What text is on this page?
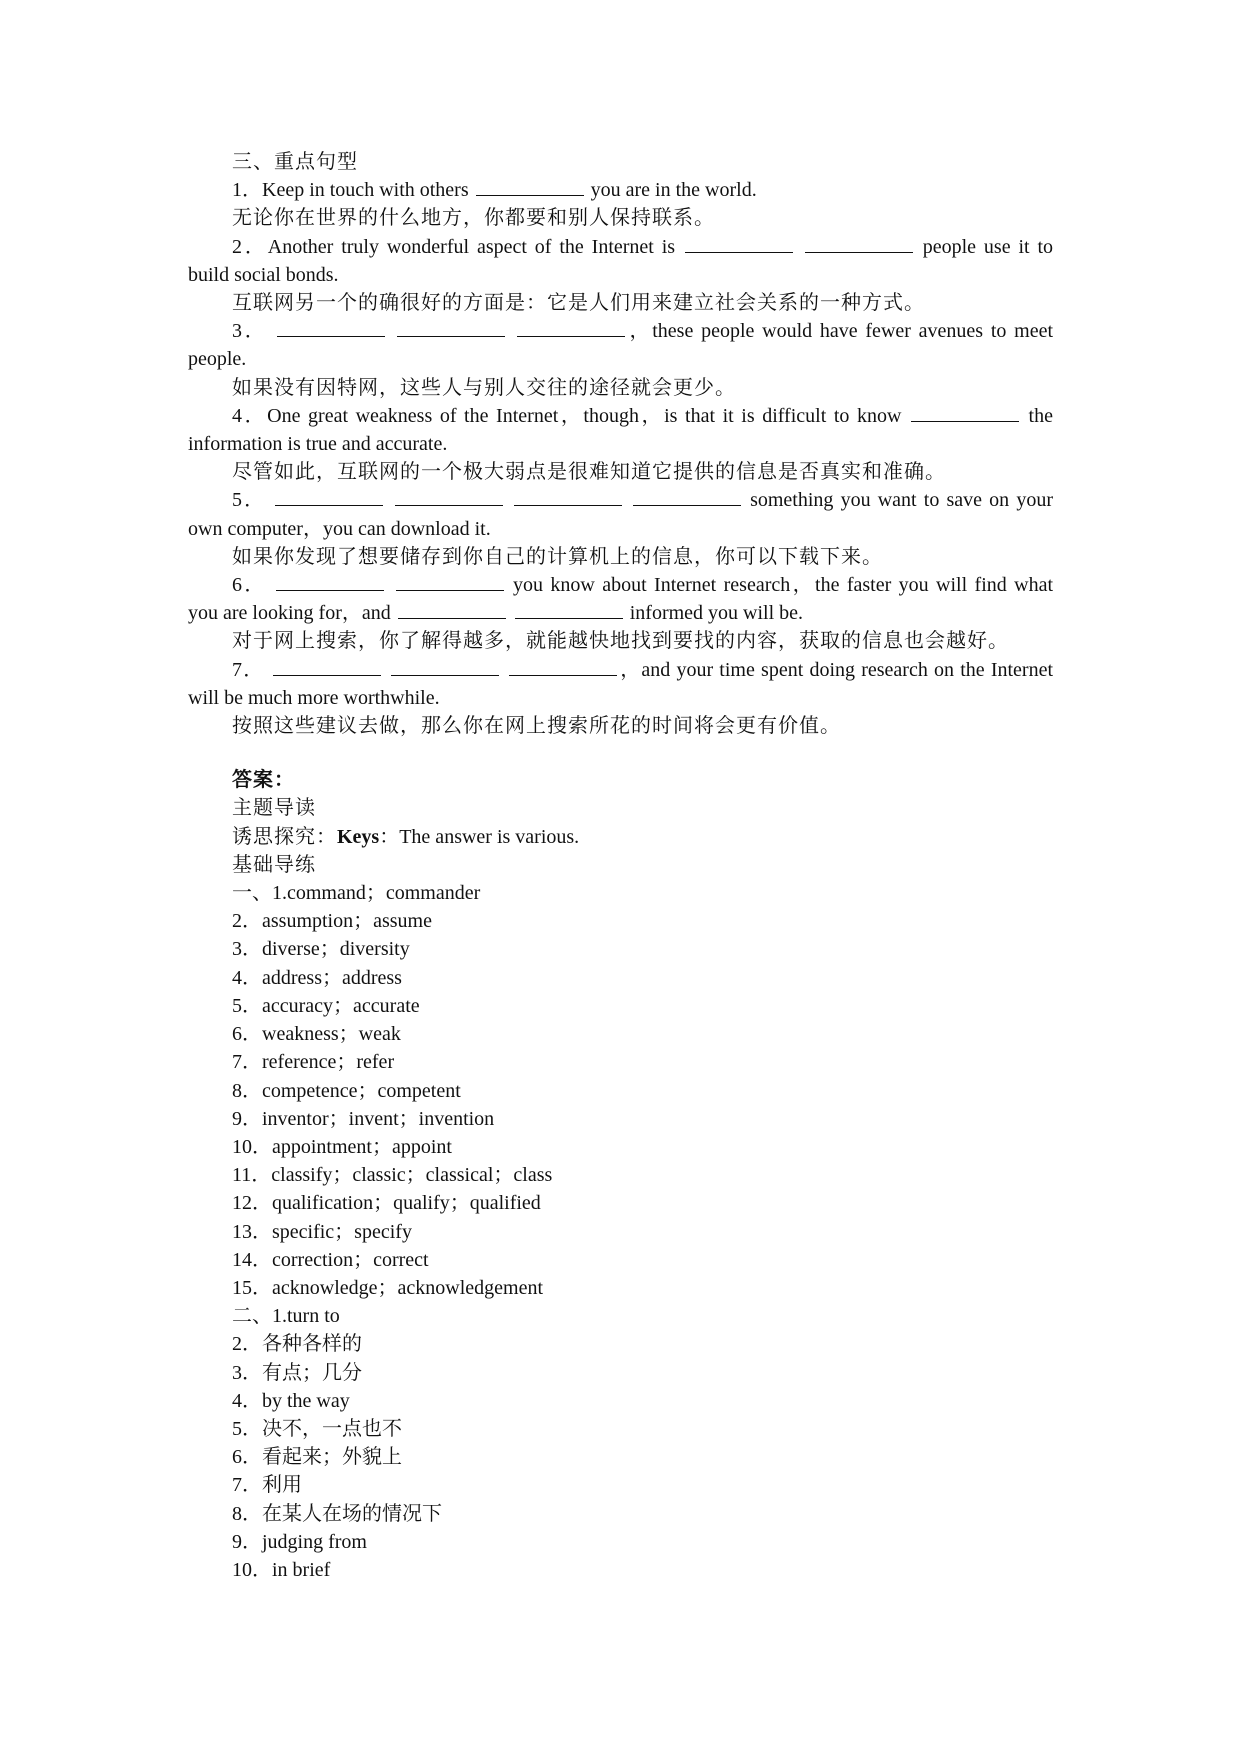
三、重点句型
1．Keep in touch with others	you are in the world.
无论你在世界的什么地方，你都要和别人保持联系。
2．Another truly wonderful aspect of the Internet is	people use it to
build social bonds.
互联网另一个的确很好的方面是：它是人们用来建立社会关系的一种方式。
3．	，these people would have fewer avenues to meet
people.
如果没有因特网，这些人与别人交往的途径就会更少。
4．One great weakness of the Internet，though，is that it is difficult to know	the
information is true and accurate.
尽管如此，互联网的一个极大弱点是很难知道它提供的信息是否真实和准确。
5．	something you want to save on your
own computer，you can download it.
如果你发现了想要储存到你自己的计算机上的信息，你可以下载下来。
6．	you know about Internet research，the faster you will find what
you are looking for，and	informed you will be.
对于网上搜索，你了解得越多，就能越快地找到要找的内容，获取的信息也会越好。
7．	，and your time spent doing research on the Internet
will be much more worthwhile.
按照这些建议去做，那么你在网上搜索所花的时间将会更有价值。
答案：
主题导读
诱思探究：Keys：The answer is various.
基础导练
一、1.command；commander
2．assumption；assume
3．diverse；diversity
4．address；address
5．accuracy；accurate
6．weakness；weak
7．reference；refer
8．competence；competent
9．inventor；invent；invention
10．appointment；appoint
11．classify；classic；classical；class
12．qualification；qualify；qualified
13．specific；specify
14．correction；correct
15．acknowledge；acknowledgement
二、1.turn to
2．各种各样的
3．有点；几分
4．by the way
5．决不，一点也不
6．看起来；外貌上
7．利用
8．在某人在场的情况下
9．judging from
10．in brief
